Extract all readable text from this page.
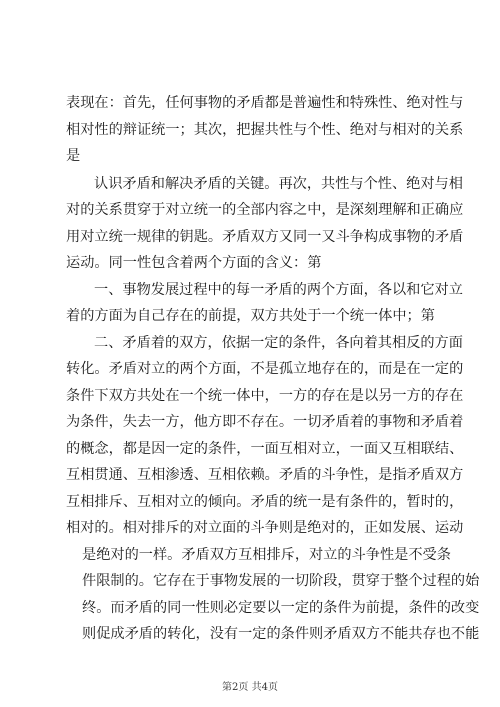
表现在：首先，任何事物的矛盾都是普遍性和特殊性、绝对性与
相对性的辩证统一；其次，把握共性与个性、绝对与相对的关系
是
认识矛盾和解决矛盾的关键。再次，共性与个性、绝对与相
对的关系贯穿于对立统一的全部内容之中，是深刻理解和正确应
用对立统一规律的钥匙。矛盾双方又同一又斗争构成事物的矛盾
运动。同一性包含着两个方面的含义：第
一、事物发展过程中的每一矛盾的两个方面，各以和它对立
着的方面为自己存在的前提，双方共处于一个统一体中；第
二、矛盾着的双方，依据一定的条件，各向着其相反的方面
转化。矛盾对立的两个方面，不是孤立地存在的，而是在一定的
条件下双方共处在一个统一体中，一方的存在是以另一方的存在
为条件，失去一方，他方即不存在。一切矛盾着的事物和矛盾着
的概念，都是因一定的条件，一面互相对立，一面又互相联结、
互相贯通、互相渗透、互相依赖。矛盾的斗争性，是指矛盾双方
互相排斥、互相对立的倾向。矛盾的统一是有条件的，暂时的，
相对的。相对排斥的对立面的斗争则是绝对的，正如发展、运动
是绝对的一样。矛盾双方互相排斥，对立的斗争性是不受条
件限制的。它存在于事物发展的一切阶段，贯穿于整个过程的始
终。而矛盾的同一性则必定要以一定的条件为前提，条件的改变
则促成矛盾的转化，没有一定的条件则矛盾双方不能共存也不能
第2页 共4页
